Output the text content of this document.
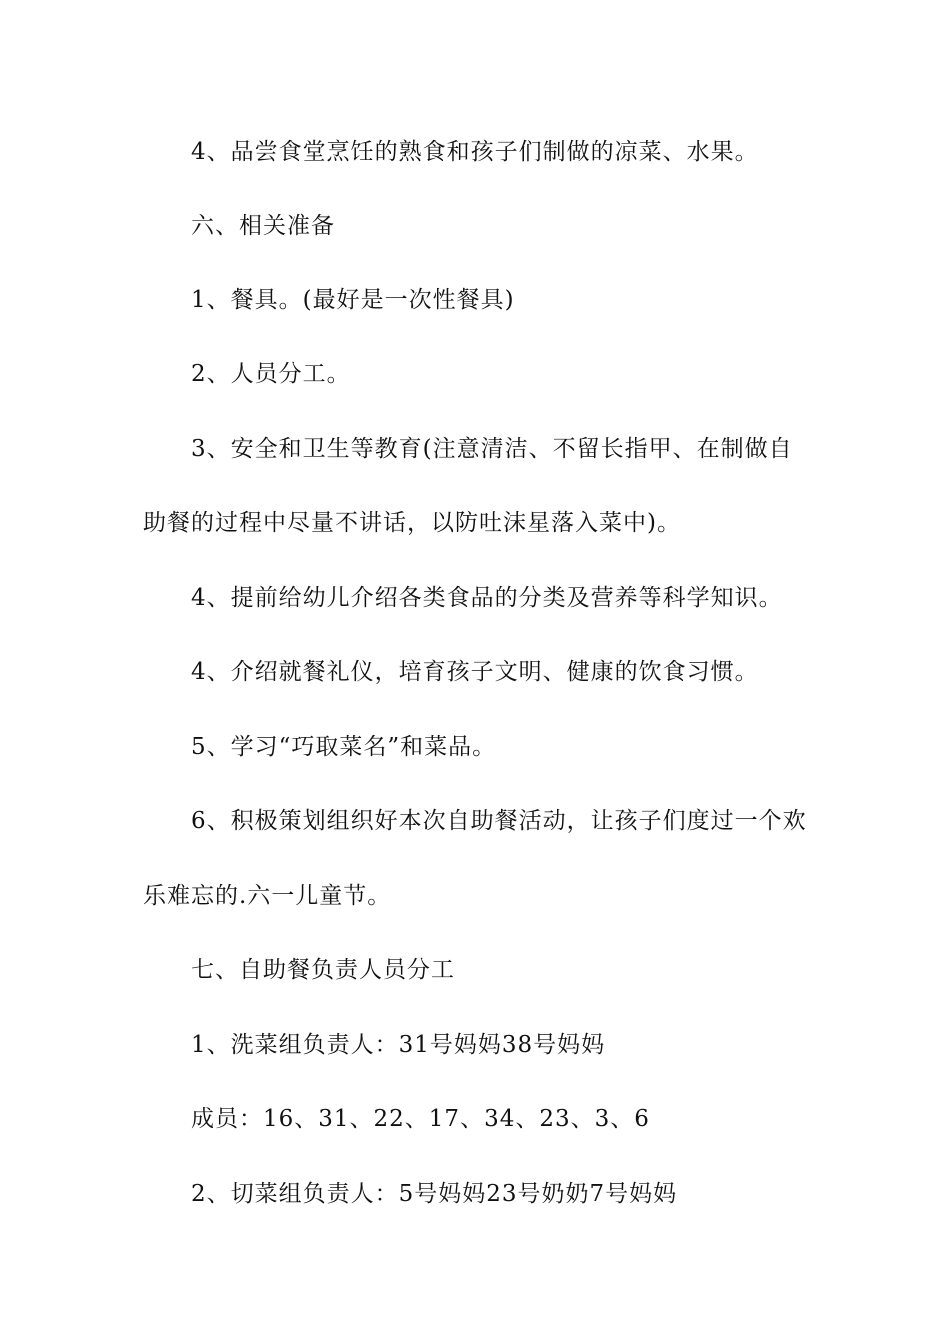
4、品尝食堂烹饪的熟食和孩子们制做的凉菜、水果。
六、相关准备
1、餐具。(最好是一次性餐具)
2、人员分工。
3、安全和卫生等教育(注意清洁、不留长指甲、在制做自
助餐的过程中尽量不讲话，以防吐沫星落入菜中)。
4、提前给幼儿介绍各类食品的分类及营养等科学知识。
4、介绍就餐礼仪，培育孩子文明、健康的饮食习惯。
5、学习“巧取菜名”和菜品。
6、积极策划组织好本次自助餐活动，让孩子们度过一个欢
乐难忘的.六一儿童节。
七、自助餐负责人员分工
1、洗菜组负责人：31号妈妈38号妈妈
成员：16、31、22、17、34、23、3、6
2、切菜组负责人：5号妈妈23号奶奶7号妈妈
